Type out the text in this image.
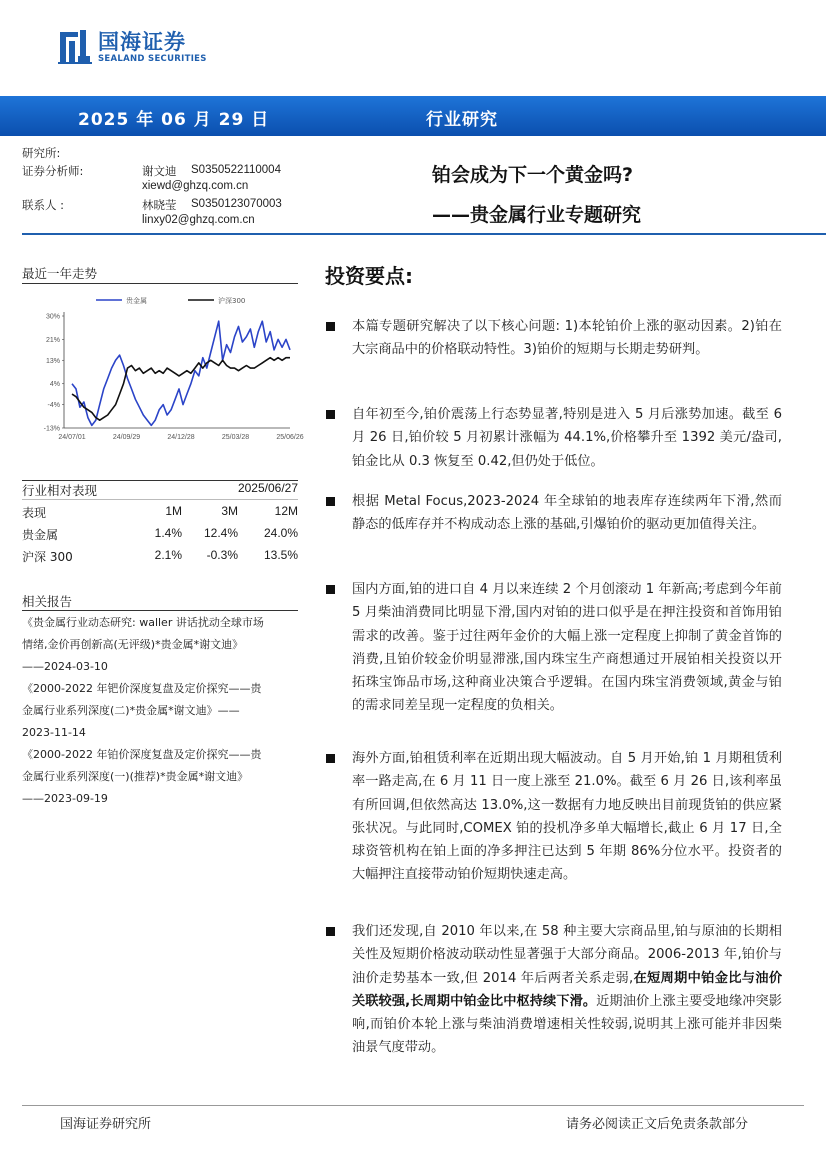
国海证券
SEALAND SECURITIES
2025 年 06 月 29 日	行业研究
研究所:
证券分析师:	谢文迪 S0350522110004
xiewd@ghzq.com.cn
联系人 :	林晓莹 S0350123070003
linxy02@ghzq.com.cn
铂会成为下一个黄金吗?
——贵金属行业专题研究
最近一年走势
贵金属	沪深300
30%
21%
13%
4%
-4%
-13%
24/07/01	24/09/29	24/12/28	25/03/28	25/06/26
行业相对表现	2025/06/27
表现	1M	3M	12M
贵金属	1.4% 12.4% 24.0%
沪深 300	2.1% -0.3% 13.5%
相关报告
《贵金属行业动态研究: waller 讲话扰动全球市场
情绪,金价再创新高(无评级)*贵金属*谢文迪》
——2024-03-10
《2000-2022 年钯价深度复盘及定价探究——贵
金属行业系列深度(二)*贵金属*谢文迪》——
2023-11-14
《2000-2022 年铂价深度复盘及定价探究——贵
金属行业系列深度(一)(推荐)*贵金属*谢文迪》
——2023-09-19
投资要点:
本篇专题研究解决了以下核心问题: 1)本轮铂价上涨的驱动因素。2)铂在大宗商品中的价格联动特性。3)铂价的短期与长期走势研判。
自年初至今,铂价震荡上行态势显著,特别是进入 5 月后涨势加速。截至 6 月 26 日,铂价较 5 月初累计涨幅为 44.1%,价格攀升至 1392 美元/盎司,铂金比从 0.3 恢复至 0.42,但仍处于低位。
根据 Metal Focus,2023-2024 年全球铂的地表库存连续两年下滑,然而静态的低库存并不构成动态上涨的基础,引爆铂价的驱动更加值得关注。
国内方面,铂的进口自 4 月以来连续 2 个月创滚动 1 年新高;考虑到今年前 5 月柴油消费同比明显下滑,国内对铂的进口似乎是在押注投资和首饰用铂需求的改善。鉴于过往两年金价的大幅上涨一定程度上抑制了黄金首饰的消费,且铂价较金价明显滞涨,国内珠宝生产商想通过开展铂相关投资以开拓珠宝饰品市场,这种商业决策合乎逻辑。在国内珠宝消费领域,黄金与铂的需求同差呈现一定程度的负相关。
海外方面,铂租赁利率在近期出现大幅波动。自 5 月开始,铂 1 月期租赁利率一路走高,在 6 月 11 日一度上涨至 21.0%。截至 6 月 26 日,该利率虽有所回调,但依然高达 13.0%,这一数据有力地反映出目前现货铂的供应紧张状况。与此同时,COMEX 铂的投机净多单大幅增长,截止 6 月 17 日,全球资管机构在铂上面的净多押注已达到 5 年期 86%分位水平。投资者的大幅押注直接带动铂价短期快速走高。
我们还发现,自 2010 年以来,在 58 种主要大宗商品里,铂与原油的长期相关性及短期价格波动联动性显著强于大部分商品。2006-2013 年,铂价与油价走势基本一致,但 2014 年后两者关系走弱,在短周期中铂金比与油价关联较强,长周期中铂金比中枢持续下滑。近期油价上涨主要受地缘冲突影响,而铂价本轮上涨与柴油消费增速相关性较弱,说明其上涨可能并非因柴油景气度带动。
国海证券研究所	请务必阅读正文后免责条款部分
